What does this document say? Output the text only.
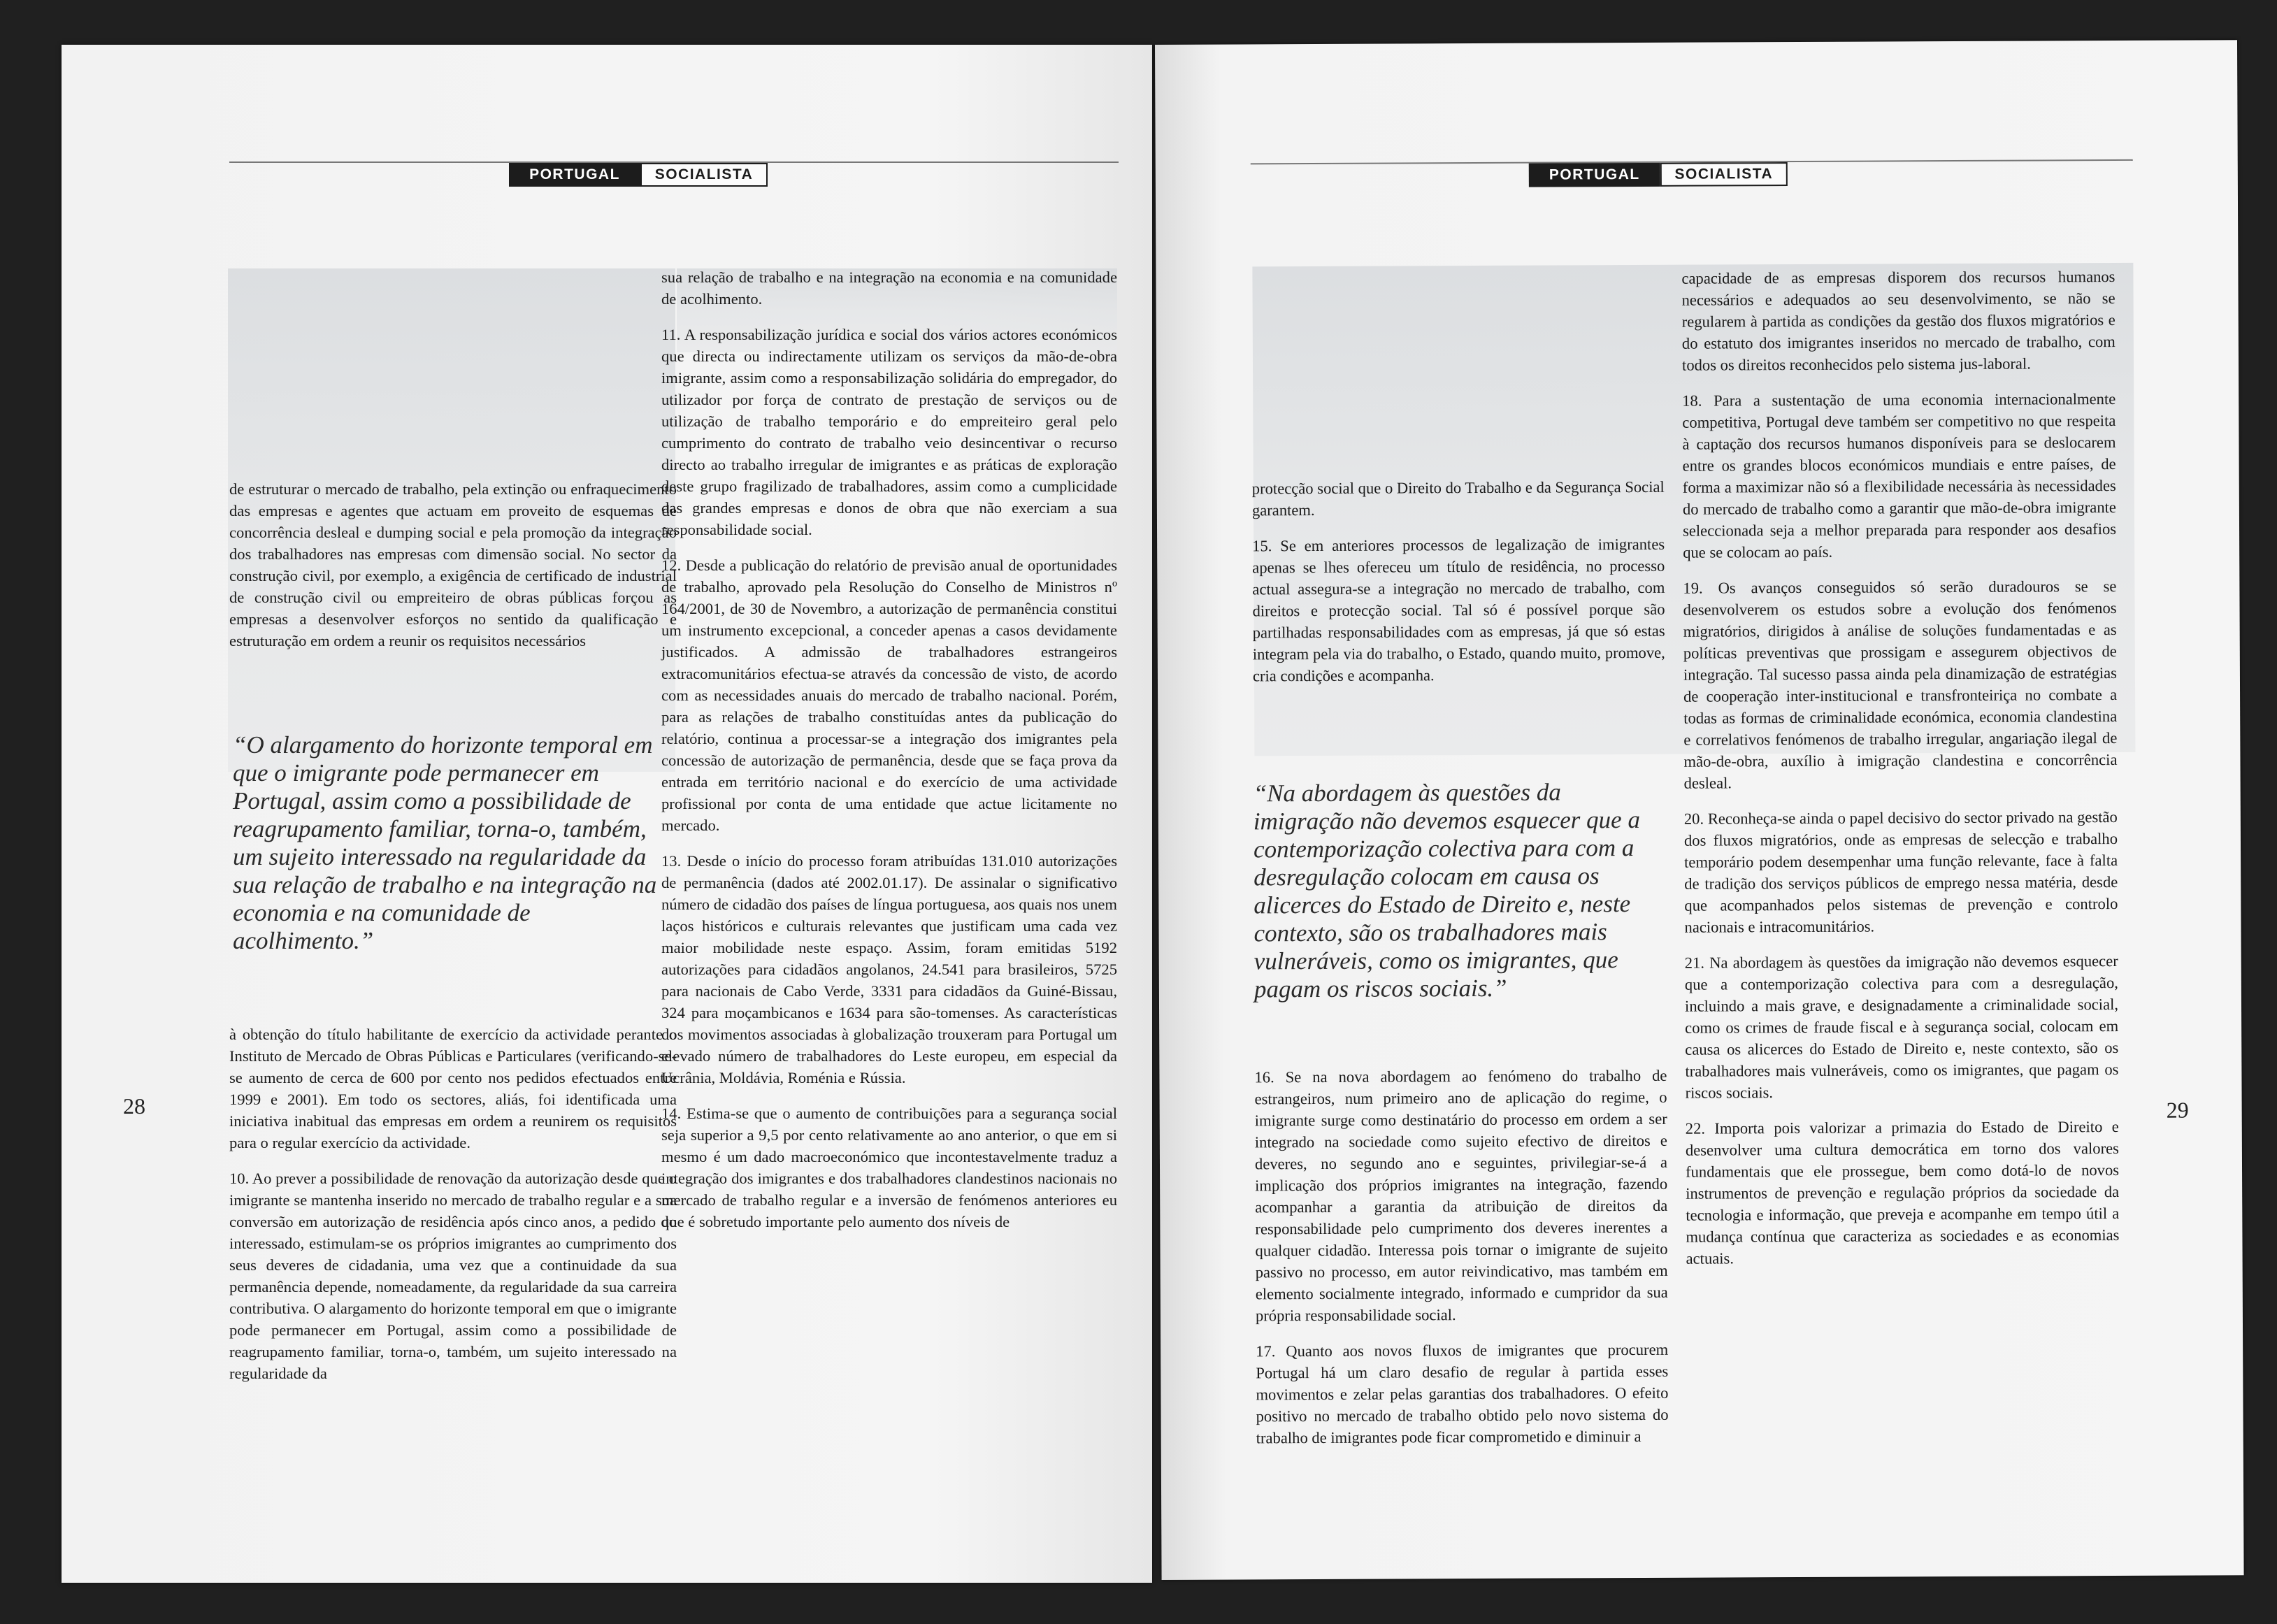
PORTUGAL	SOCIALISTA

de estruturar o mercado de trabalho, pela extinção ou enfraquecimento das empresas e agentes que actuam em proveito de esquemas de concorrência desleal e dumping social e pela promoção da integração dos trabalhadores nas empresas com dimensão social. No sector da construção civil, por exemplo, a exigência de certificado de industrial de construção civil ou empreiteiro de obras públicas forçou as empresas a desenvolver esforços no sentido da qualificação e estruturação em ordem a reunir os requisitos necessários

“O alargamento do horizonte temporal em que o imigrante pode permanecer em Portugal, assim como a possibilidade de reagrupamento familiar, torna-o, também, um sujeito interessado na regularidade da sua relação de trabalho e na integração na economia e na comunidade de acolhimento.”

à obtenção do título habilitante de exercício da actividade perante o Instituto de Mercado de Obras Públicas e Particulares (verificando-se-se aumento de cerca de 600 por cento nos pedidos efectuados entre 1999 e 2001). Em todo os sectores, aliás, foi identificada uma iniciativa inabitual das empresas em ordem a reunirem os requisitos para o regular exercício da actividade.

10. Ao prever a possibilidade de renovação da autorização desde que o imigrante se mantenha inserido no mercado de trabalho regular e a sua conversão em autorização de residência após cinco anos, a pedido do interessado, estimulam-se os próprios imigrantes ao cumprimento dos seus deveres de cidadania, uma vez que a continuidade da sua permanência depende, nomeadamente, da regularidade da sua carreira contributiva. O alargamento do horizonte temporal em que o imigrante pode permanecer em Portugal, assim como a possibilidade de reagrupamento familiar, torna-o, também, um sujeito interessado na regularidade da

sua relação de trabalho e na integração na economia e na comunidade de acolhimento.

11. A responsabilização jurídica e social dos vários actores económicos que directa ou indirectamente utilizam os serviços da mão-de-obra imigrante, assim como a responsabilização solidária do empregador, do utilizador por força de contrato de prestação de serviços ou de utilização de trabalho temporário e do empreiteiro geral pelo cumprimento do contrato de trabalho veio desincentivar o recurso directo ao trabalho irregular de imigrantes e as práticas de exploração deste grupo fragilizado de trabalhadores, assim como a cumplicidade das grandes empresas e donos de obra que não exerciam a sua responsabilidade social.

12. Desde a publicação do relatório de previsão anual de oportunidades de trabalho, aprovado pela Resolução do Conselho de Ministros nº 164/2001, de 30 de Novembro, a autorização de permanência constitui um instrumento excepcional, a conceder apenas a casos devidamente justificados. A admissão de trabalhadores estrangeiros extracomunitários efectua-se através da concessão de visto, de acordo com as necessidades anuais do mercado de trabalho nacional. Porém, para as relações de trabalho constituídas antes da publicação do relatório, continua a processar-se a integração dos imigrantes pela concessão de autorização de permanência, desde que se faça prova da entrada em território nacional e do exercício de uma actividade profissional por conta de uma entidade que actue licitamente no mercado.

13. Desde o início do processo foram atribuídas 131.010 autorizações de permanência (dados até 2002.01.17). De assinalar o significativo número de cidadão dos países de língua portuguesa, aos quais nos unem laços históricos e culturais relevantes que justificam uma cada vez maior mobilidade neste espaço. Assim, foram emitidas 5192 autorizações para cidadãos angolanos, 24.541 para brasileiros, 5725 para nacionais de Cabo Verde, 3331 para cidadãos da Guiné-Bissau, 324 para moçambicanos e 1634 para são-tomenses. As características dos movimentos associadas à globalização trouxeram para Portugal um elevado número de trabalhadores do Leste europeu, em especial da Ucrânia, Moldávia, Roménia e Rússia.

14. Estima-se que o aumento de contribuições para a segurança social seja superior a 9,5 por cento relativamente ao ano anterior, o que em si mesmo é um dado macroeconómico que incontestavelmente traduz a integração dos imigrantes e dos trabalhadores clandestinos nacionais no mercado de trabalho regular e a inversão de fenómenos anteriores eu que é sobretudo importante pelo aumento dos níveis de

28
PORTUGAL	SOCIALISTA

protecção social que o Direito do Trabalho e da Segurança Social garantem.

15. Se em anteriores processos de legalização de imigrantes apenas se lhes ofereceu um título de residência, no processo actual assegura-se a integração no mercado de trabalho, com direitos e protecção social. Tal só é possível porque são partilhadas responsabilidades com as empresas, já que só estas integram pela via do trabalho, o Estado, quando muito, promove, cria condições e acompanha.

“Na abordagem às questões da imigração não devemos esquecer que a contemporização colectiva para com a desregulação colocam em causa os alicerces do Estado de Direito e, neste contexto, são os trabalhadores mais vulneráveis, como os imigrantes, que pagam os riscos sociais.”

16. Se na nova abordagem ao fenómeno do trabalho de estrangeiros, num primeiro ano de aplicação do regime, o imigrante surge como destinatário do processo em ordem a ser integrado na sociedade como sujeito efectivo de direitos e deveres, no segundo ano e seguintes, privilegiar-se-á a implicação dos próprios imigrantes na integração, fazendo acompanhar a garantia da atribuição de direitos da responsabilidade pelo cumprimento dos deveres inerentes a qualquer cidadão. Interessa pois tornar o imigrante de sujeito passivo no processo, em autor reivindicativo, mas também em elemento socialmente integrado, informado e cumpridor da sua própria responsabilidade social.

17. Quanto aos novos fluxos de imigrantes que procurem Portugal há um claro desafio de regular à partida esses movimentos e zelar pelas garantias dos trabalhadores. O efeito positivo no mercado de trabalho obtido pelo novo sistema do trabalho de imigrantes pode ficar comprometido e diminuir a

capacidade de as empresas disporem dos recursos humanos necessários e adequados ao seu desenvolvimento, se não se regularem à partida as condições da gestão dos fluxos migratórios e do estatuto dos imigrantes inseridos no mercado de trabalho, com todos os direitos reconhecidos pelo sistema jus-laboral.

18. Para a sustentação de uma economia internacionalmente competitiva, Portugal deve também ser competitivo no que respeita à captação dos recursos humanos disponíveis para se deslocarem entre os grandes blocos económicos mundiais e entre países, de forma a maximizar não só a flexibilidade necessária às necessidades do mercado de trabalho como a garantir que mão-de-obra imigrante seleccionada seja a melhor preparada para responder aos desafios que se colocam ao país.

19. Os avanços conseguidos só serão duradouros se se desenvolverem os estudos sobre a evolução dos fenómenos migratórios, dirigidos à análise de soluções fundamentadas e as políticas preventivas que prossigam e assegurem objectivos de integração. Tal sucesso passa ainda pela dinamização de estratégias de cooperação inter-institucional e transfronteiriça no combate a todas as formas de criminalidade económica, economia clandestina e correlativos fenómenos de trabalho irregular, angariação ilegal de mão-de-obra, auxílio à imigração clandestina e concorrência desleal.

20. Reconheça-se ainda o papel decisivo do sector privado na gestão dos fluxos migratórios, onde as empresas de selecção e trabalho temporário podem desempenhar uma função relevante, face à falta de tradição dos serviços públicos de emprego nessa matéria, desde que acompanhados pelos sistemas de prevenção e controlo nacionais e intracomunitários.

21. Na abordagem às questões da imigração não devemos esquecer que a contemporização colectiva para com a desregulação, incluindo a mais grave, e designadamente a criminalidade social, como os crimes de fraude fiscal e à segurança social, colocam em causa os alicerces do Estado de Direito e, neste contexto, são os trabalhadores mais vulneráveis, como os imigrantes, que pagam os riscos sociais.

22. Importa pois valorizar a primazia do Estado de Direito e desenvolver uma cultura democrática em torno dos valores fundamentais que ele prossegue, bem como dotá-lo de novos instrumentos de prevenção e regulação próprios da sociedade da tecnologia e informação, que preveja e acompanhe em tempo útil a mudança contínua que caracteriza as sociedades e as economias actuais.

29
